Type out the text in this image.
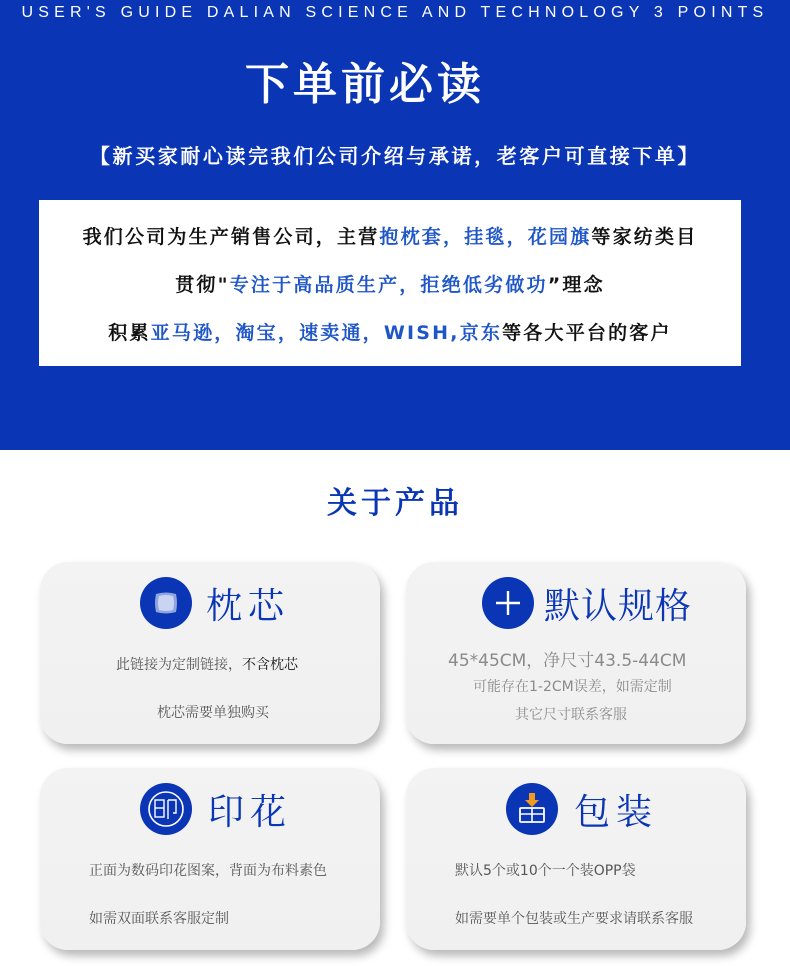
USER'S GUIDE DALIAN SCIENCE AND TECHNOLOGY 3 POINTS
下单前必读
【新买家耐心读完我们公司介绍与承诺，老客户可直接下单】
我们公司为生产销售公司，主营抱枕套，挂毯，花园旗等家纺类目
贯彻"专注于高品质生产，拒绝低劣做功”理念
积累亚马逊，淘宝，速卖通，WISH,京东等各大平台的客户
关于产品
枕芯
此链接为定制链接，不含枕芯
枕芯需要单独购买
默认规格
45*45CM，净尺寸43.5-44CM
可能存在1-2CM误差，如需定制
其它尺寸联系客服
印花
正面为数码印花图案，背面为布料素色
如需双面联系客服定制
包装
默认5个或10个一个装OPP袋
如需要单个包装或生产要求请联系客服
